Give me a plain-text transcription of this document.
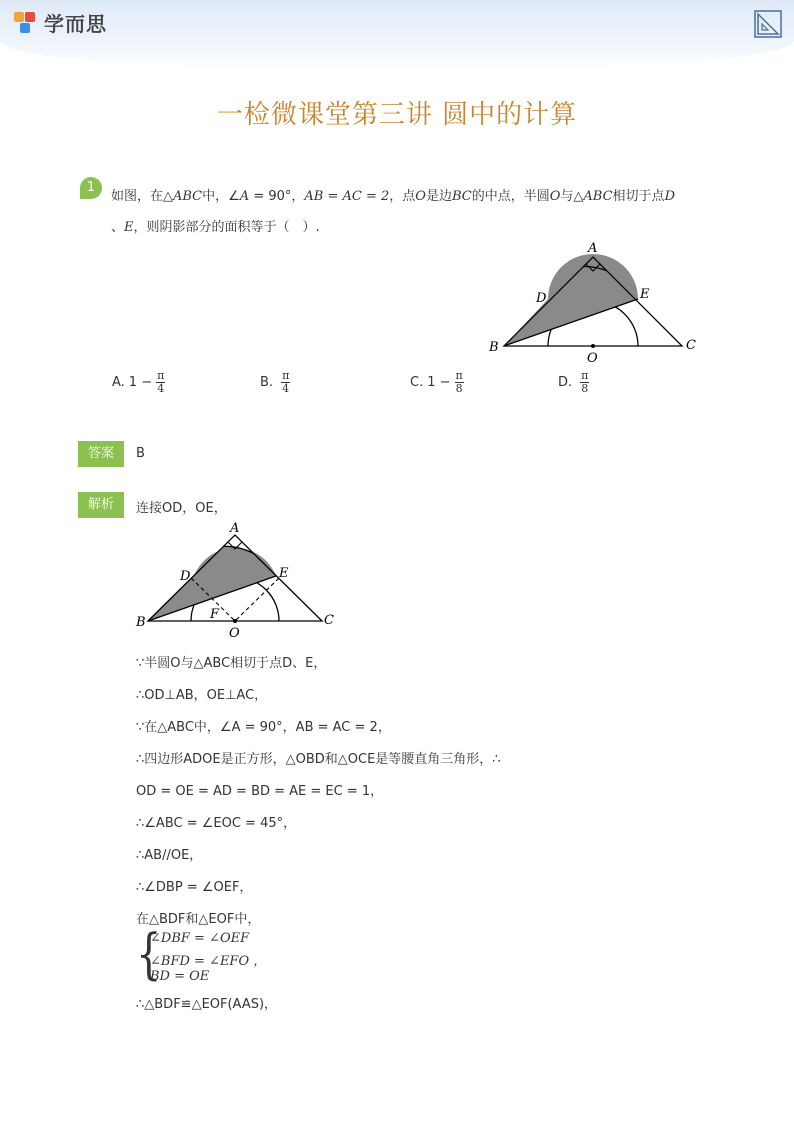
学而思
一检微课堂第三讲 圆中的计算
1
如图，在△ABC中，∠A = 90°，AB = AC = 2，点O是边BC的中点，半圆O与△ABC相切于点D
、E，则阴影部分的面积等于（　）.
A
D	E
B
O
C
A. $1 - \frac{\pi}{4}$	B. $\frac{\pi}{4}$	C. $1 - \frac{\pi}{8}$	D. $\frac{\pi}{8}$
答案	B
解析	连接OD，OE，
A
D	E
B
F
O
C
∵半圆O与△ABC相切于点D、E，
∴OD⊥AB，OE⊥AC，
∵在△ABC中，∠A = 90°，AB = AC = 2，
∴四边形ADOE是正方形，△OBD和△OCE是等腰直角三角形，∴
OD = OE = AD = BD = AE = EC = 1，
∴∠ABC = ∠EOC = 45°，
∴AB//OE，
∴∠DBP = ∠OEF，
在△BDF和△EOF中，
{
∠DBF = ∠OEF
∠BFD = ∠EFO ，
BD = OE
∴△BDF≌△EOF(AAS)，
